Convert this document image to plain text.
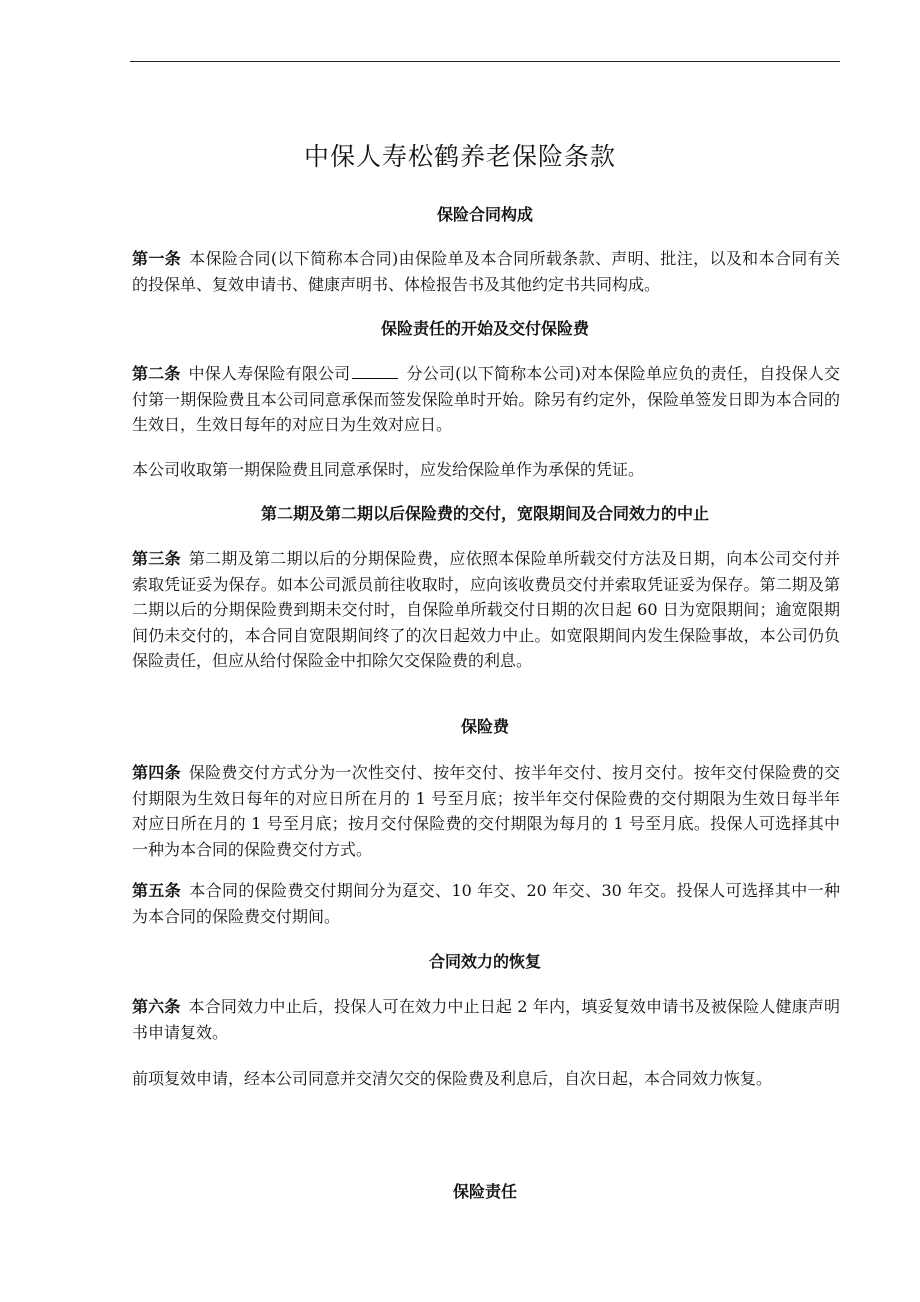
中保人寿松鹤养老保险条款
保险合同构成
第一条 本保险合同(以下简称本合同)由保险单及本合同所载条款、声明、批注，以及和本合同有关的投保单、复效申请书、健康声明书、体检报告书及其他约定书共同构成。
保险责任的开始及交付保险费
第二条 中保人寿保险有限公司	分公司(以下简称本公司)对本保险单应负的责任，自投保人交付第一期保险费且本公司同意承保而签发保险单时开始。除另有约定外，保险单签发日即为本合同的生效日，生效日每年的对应日为生效对应日。
本公司收取第一期保险费且同意承保时，应发给保险单作为承保的凭证。
第二期及第二期以后保险费的交付，宽限期间及合同效力的中止
第三条 第二期及第二期以后的分期保险费，应依照本保险单所载交付方法及日期，向本公司交付并索取凭证妥为保存。如本公司派员前往收取时，应向该收费员交付并索取凭证妥为保存。第二期及第二期以后的分期保险费到期未交付时，自保险单所载交付日期的次日起 60 日为宽限期间；逾宽限期间仍未交付的，本合同自宽限期间终了的次日起效力中止。如宽限期间内发生保险事故，本公司仍负保险责任，但应从给付保险金中扣除欠交保险费的利息。
保险费
第四条 保险费交付方式分为一次性交付、按年交付、按半年交付、按月交付。按年交付保险费的交付期限为生效日每年的对应日所在月的 1 号至月底；按半年交付保险费的交付期限为生效日每半年对应日所在月的 1 号至月底；按月交付保险费的交付期限为每月的 1 号至月底。投保人可选择其中一种为本合同的保险费交付方式。
第五条 本合同的保险费交付期间分为趸交、10 年交、20 年交、30 年交。投保人可选择其中一种为本合同的保险费交付期间。
合同效力的恢复
第六条 本合同效力中止后，投保人可在效力中止日起 2 年内，填妥复效申请书及被保险人健康声明书申请复效。
前项复效申请，经本公司同意并交清欠交的保险费及利息后，自次日起，本合同效力恢复。
保险责任
